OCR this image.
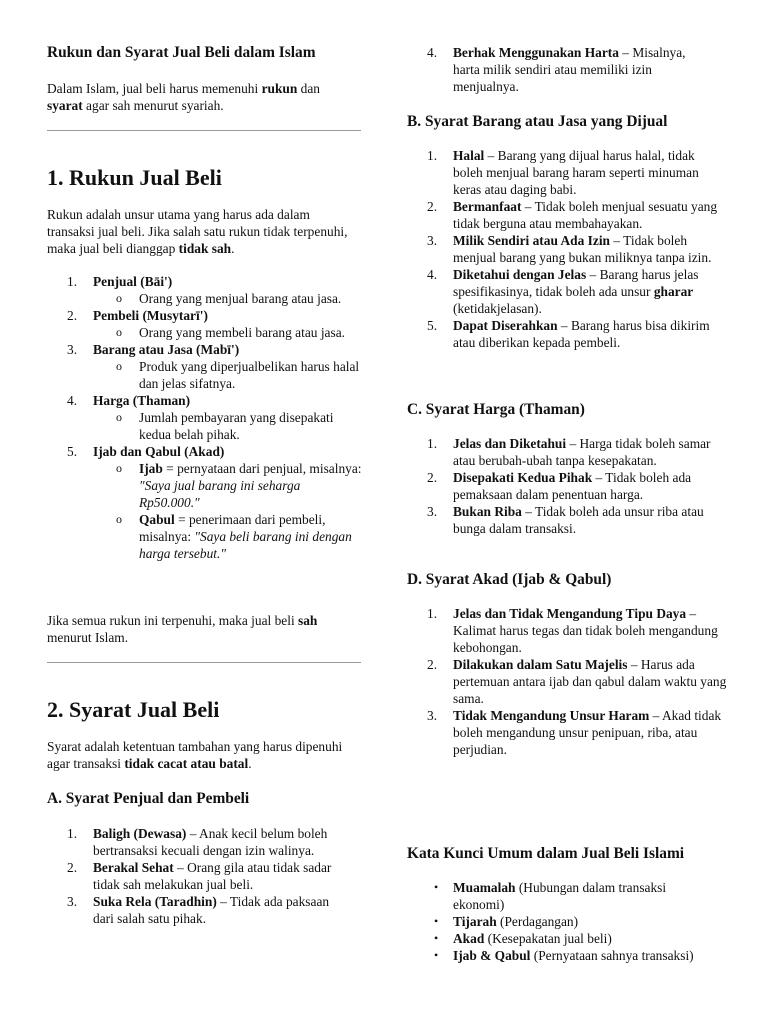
Rukun dan Syarat Jual Beli dalam Islam

Dalam Islam, jual beli harus memenuhi rukun dan syarat agar sah menurut syariah.

1. Rukun Jual Beli

Rukun adalah unsur utama yang harus ada dalam transaksi jual beli. Jika salah satu rukun tidak terpenuhi, maka jual beli dianggap tidak sah.

1. Penjual (Bāi')
o Orang yang menjual barang atau jasa.
2. Pembeli (Musytarī')
o Orang yang membeli barang atau jasa.
3. Barang atau Jasa (Mabī')
o Produk yang diperjualbelikan harus halal dan jelas sifatnya.
4. Harga (Thaman)
o Jumlah pembayaran yang disepakati kedua belah pihak.
5. Ijab dan Qabul (Akad)
o Ijab = pernyataan dari penjual, misalnya: "Saya jual barang ini seharga Rp50.000."
o Qabul = penerimaan dari pembeli, misalnya: "Saya beli barang ini dengan harga tersebut."

Jika semua rukun ini terpenuhi, maka jual beli sah menurut Islam.

2. Syarat Jual Beli

Syarat adalah ketentuan tambahan yang harus dipenuhi agar transaksi tidak cacat atau batal.

A. Syarat Penjual dan Pembeli
1. Baligh (Dewasa) – Anak kecil belum boleh bertransaksi kecuali dengan izin walinya.
2. Berakal Sehat – Orang gila atau tidak sadar tidak sah melakukan jual beli.
3. Suka Rela (Taradhin) – Tidak ada paksaan dari salah satu pihak.
4. Berhak Menggunakan Harta – Misalnya, harta milik sendiri atau memiliki izin menjualnya.
B. Syarat Barang atau Jasa yang Dijual
1. Halal – Barang yang dijual harus halal, tidak boleh menjual barang haram seperti minuman keras atau daging babi.
2. Bermanfaat – Tidak boleh menjual sesuatu yang tidak berguna atau membahayakan.
3. Milik Sendiri atau Ada Izin – Tidak boleh menjual barang yang bukan miliknya tanpa izin.
4. Diketahui dengan Jelas – Barang harus jelas spesifikasinya, tidak boleh ada unsur gharar (ketidakjelasan).
5. Dapat Diserahkan – Barang harus bisa dikirim atau diberikan kepada pembeli.
C. Syarat Harga (Thaman)
1. Jelas dan Diketahui – Harga tidak boleh samar atau berubah-ubah tanpa kesepakatan.
2. Disepakati Kedua Pihak – Tidak boleh ada pemaksaan dalam penentuan harga.
3. Bukan Riba – Tidak boleh ada unsur riba atau bunga dalam transaksi.
D. Syarat Akad (Ijab & Qabul)
1. Jelas dan Tidak Mengandung Tipu Daya – Kalimat harus tegas dan tidak boleh mengandung kebohongan.
2. Dilakukan dalam Satu Majelis – Harus ada pertemuan antara ijab dan qabul dalam waktu yang sama.
3. Tidak Mengandung Unsur Haram – Akad tidak boleh mengandung unsur penipuan, riba, atau perjudian.
Kata Kunci Umum dalam Jual Beli Islami
• Muamalah (Hubungan dalam transaksi ekonomi)
• Tijarah (Perdagangan)
• Akad (Kesepakatan jual beli)
• Ijab & Qabul (Pernyataan sahnya transaksi)
